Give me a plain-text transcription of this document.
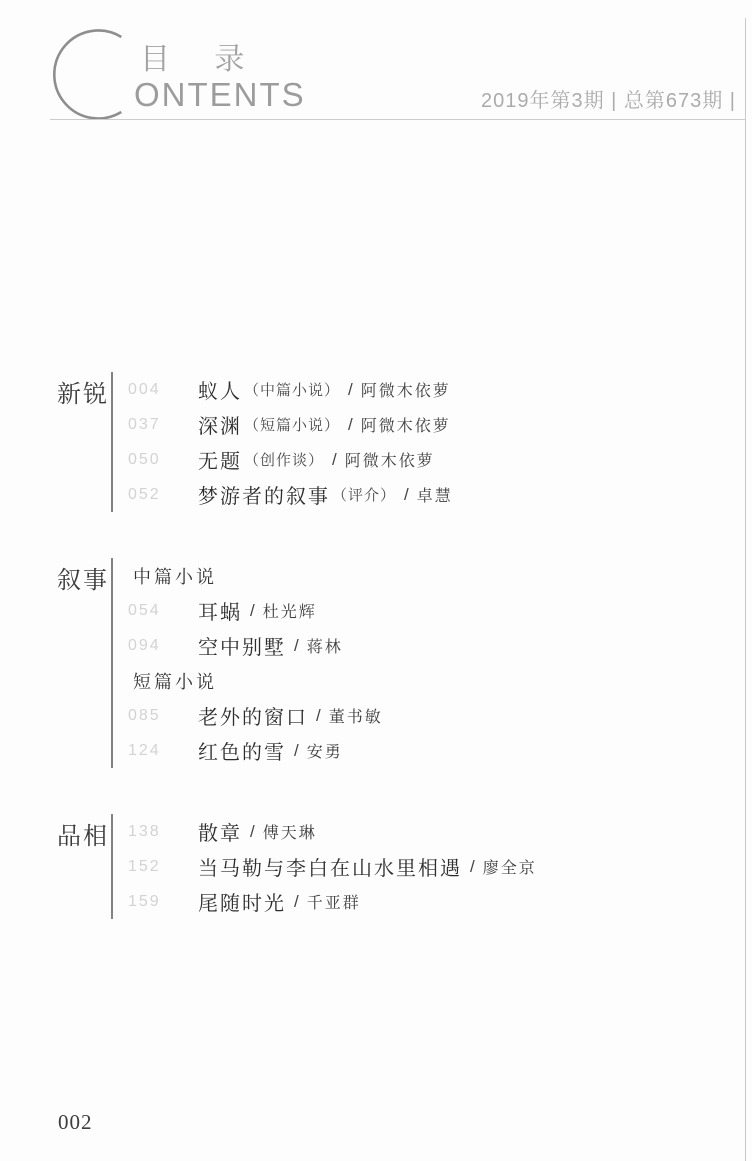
目 录
ONTENTS	2019年第3期 | 总第673期 |
新锐 004	蚁人 （中篇小说） / 阿微木依萝
037	深渊 （短篇小说） / 阿微木依萝
050	无题 （创作谈） / 阿微木依萝
052	梦游者的叙事 （评介） / 卓慧
叙事 中篇小说
054	耳蜗 / 杜光辉
094	空中别墅 / 蒋林
短篇小说
085	老外的窗口 / 董书敏
124	红色的雪 / 安勇
品相 138	散章 / 傅天琳
152	当马勒与李白在山水里相遇 / 廖全京
159	尾随时光 / 千亚群
002
